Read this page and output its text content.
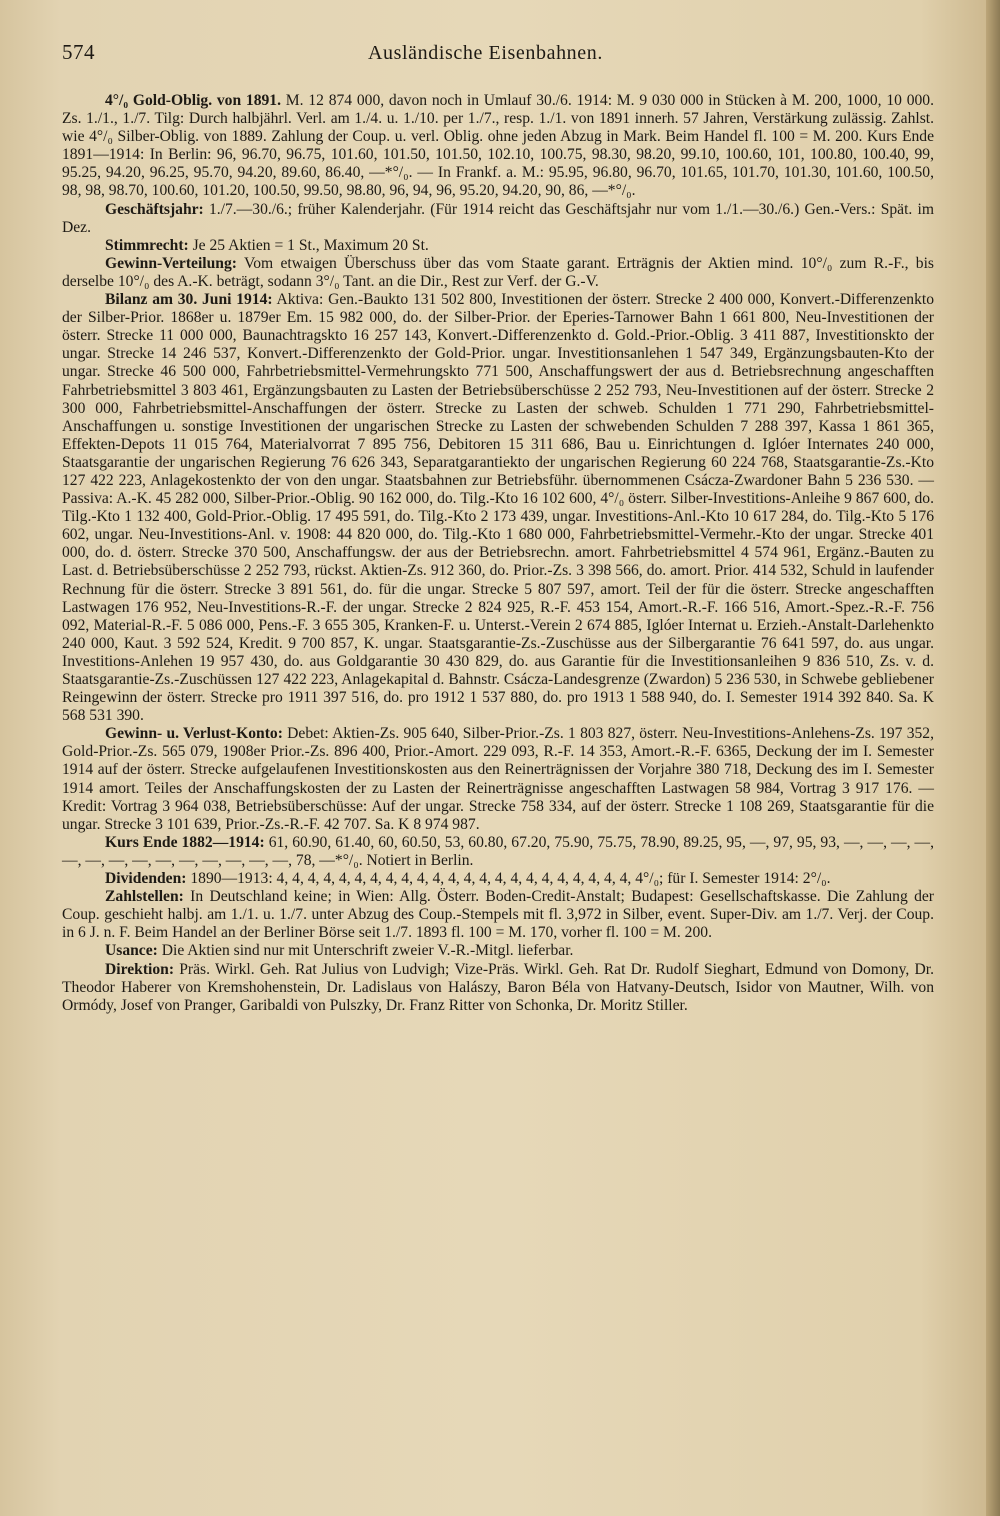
574	Ausländische Eisenbahnen.

4°/₀ Gold-Oblig. von 1891. M. 12 874 000, davon noch in Umlauf 30./6. 1914: M. 9 030 000 in Stücken à M. 200, 1000, 10 000. Zs. 1./1., 1./7. Tilg: Durch halbjährl. Verl. am 1./4. u. 1./10. per 1./7., resp. 1./1. von 1891 innerh. 57 Jahren, Verstärkung zulässig. Zahlst. wie 4°/₀ Silber-Oblig. von 1889. Zahlung der Coup. u. verl. Oblig. ohne jeden Abzug in Mark. Beim Handel fl. 100 = M. 200. Kurs Ende 1891—1914: In Berlin: 96, 96.70, 96.75, 101.60, 101.50, 101.50, 102.10, 100.75, 98.30, 98.20, 99.10, 100.60, 101, 100.80, 100.40, 99, 95.25, 94.20, 96.25, 95.70, 94.20, 89.60, 86.40, —*°/₀. — In Frankf. a. M.: 95.95, 96.80, 96.70, 101.65, 101.70, 101.30, 101.60, 100.50, 98, 98, 98.70, 100.60, 101.20, 100.50, 99.50, 98.80, 96, 94, 96, 95.20, 94.20, 90, 86, —*°/₀.

Geschäftsjahr: 1./7.—30./6.; früher Kalenderjahr. (Für 1914 reicht das Geschäftsjahr nur vom 1./1.—30./6.) Gen.-Vers.: Spät. im Dez.

Stimmrecht: Je 25 Aktien = 1 St., Maximum 20 St.

Gewinn-Verteilung: Vom etwaigen Überschuss über das vom Staate garant. Erträgnis der Aktien mind. 10°/₀ zum R.-F., bis derselbe 10°/₀ des A.-K. beträgt, sodann 3°/₀ Tant. an die Dir., Rest zur Verf. der G.-V.

Bilanz am 30. Juni 1914: Aktiva: Gen.-Bauktо 131 502 800, Investitionen der österr. Strecke 2 400 000, Konvert.-Differenzenkto der Silber-Prior. 1868er u. 1879er Em. 15 982 000, do. der Silber-Prior. der Eperies-Tarnower Bahn 1 661 800, Neu-Investitionen der österr. Strecke 11 000 000, Baunachtragskto 16 257 143, Konvert.-Differenzenkto d. Gold.-Prior.-Oblig. 3 411 887, Investitionskto der ungar. Strecke 14 246 537, Konvert.-Differenzenkto der Gold-Prior. ungar. Investitionsanlehen 1 547 349, Ergänzungsbauten-Kto der ungar. Strecke 46 500 000, Fahrbetriebsmittel-Vermehrungskto 771 500, Anschaffungswert der aus d. Betriebsrechnung angeschafften Fahrbetriebsmittel 3 803 461, Ergänzungsbauten zu Lasten der Betriebsüberschüsse 2 252 793, Neu-Investitionen auf der österr. Strecke 2 300 000, Fahrbetriebsmittel-Anschaffungen der österr. Strecke zu Lasten der schweb. Schulden 1 771 290, Fahrbetriebsmittel-Anschaffungen u. sonstige Investitionen der ungarischen Strecke zu Lasten der schwebenden Schulden 7 288 397, Kassa 1 861 365, Effekten-Depots 11 015 764, Materialvorrat 7 895 756, Debitoren 15 311 686, Bau u. Einrichtungen d. Iglóer Internates 240 000, Staatsgarantie der ungarischen Regierung 76 626 343, Separatgarantiekto der ungarischen Regierung 60 224 768, Staatsgarantie-Zs.-Kto 127 422 223, Anlagekostenkto der von den ungar. Staatsbahnen zur Betriebsführ. übernommenen Csácza-Zwardoner Bahn 5 236 530. — Passiva: A.-K. 45 282 000, Silber-Prior.-Oblig. 90 162 000, do. Tilg.-Kto 16 102 600, 4°/₀ österr. Silber-Investitions-Anleihe 9 867 600, do. Tilg.-Kto 1 132 400, Gold-Prior.-Oblig. 17 495 591, do. Tilg.-Kto 2 173 439, ungar. Investitions-Anl.-Kto 10 617 284, do. Tilg.-Kto 5 176 602, ungar. Neu-Investitions-Anl. v. 1908: 44 820 000, do. Tilg.-Kto 1 680 000, Fahrbetriebsmittel-Vermehr.-Kto der ungar. Strecke 401 000, do. d. österr. Strecke 370 500, Anschaffungsw. der aus der Betriebsrechn. amort. Fahrbetriebsmittel 4 574 961, Ergänz.-Bauten zu Last. d. Betriebsüberschüsse 2 252 793, rückst. Aktien-Zs. 912 360, do. Prior.-Zs. 3 398 566, do. amort. Prior. 414 532, Schuld in laufender Rechnung für die österr. Strecke 3 891 561, do. für die ungar. Strecke 5 807 597, amort. Teil der für die österr. Strecke angeschafften Lastwagen 176 952, Neu-Investitions-R.-F. der ungar. Strecke 2 824 925, R.-F. 453 154, Amort.-R.-F. 166 516, Amort.-Spez.-R.-F. 756 092, Material-R.-F. 5 086 000, Pens.-F. 3 655 305, Kranken-F. u. Unterst.-Verein 2 674 885, Iglóer Internat u. Erzieh.-Anstalt-Darlehenkto 240 000, Kaut. 3 592 524, Kredit. 9 700 857, K. ungar. Staatsgarantie-Zs.-Zuschüsse aus der Silbergarantie 76 641 597, do. aus ungar. Investitions-Anlehen 19 957 430, do. aus Goldgarantie 30 430 829, do. aus Garantie für die Investitionsanleihen 9 836 510, Zs. v. d. Staatsgarantie-Zs.-Zuschüssen 127 422 223, Anlagekapital d. Bahnstr. Csácza-Landesgrenze (Zwardon) 5 236 530, in Schwebe gebliebener Reingewinn der österr. Strecke pro 1911 397 516, do. pro 1912 1 537 880, do. pro 1913 1 588 940, do. I. Semester 1914 392 840. Sa. K 568 531 390.

Gewinn- u. Verlust-Konto: Debet: Aktien-Zs. 905 640, Silber-Prior.-Zs. 1 803 827, österr. Neu-Investitions-Anlehens-Zs. 197 352, Gold-Prior.-Zs. 565 079, 1908er Prior.-Zs. 896 400, Prior.-Amort. 229 093, R.-F. 14 353, Amort.-R.-F. 6365, Deckung der im I. Semester 1914 auf der österr. Strecke aufgelaufenen Investitionskosten aus den Reinerträgnissen der Vorjahre 380 718, Deckung des im I. Semester 1914 amort. Teiles der Anschaffungskosten der zu Lasten der Reinerträgnisse angeschafften Lastwagen 58 984, Vortrag 3 917 176. — Kredit: Vortrag 3 964 038, Betriebsüberschüsse: Auf der ungar. Strecke 758 334, auf der österr. Strecke 1 108 269, Staatsgarantie für die ungar. Strecke 3 101 639, Prior.-Zs.-R.-F. 42 707. Sa. K 8 974 987.

Kurs Ende 1882—1914: 61, 60.90, 61.40, 60, 60.50, 53, 60.80, 67.20, 75.90, 75.75, 78.90, 89.25, 95, —, 97, 95, 93, —, —, —, —, —, —, —, —, —, —, —, —, —, —, 78, —*°/₀. Notiert in Berlin.

Dividenden: 1890—1913: 4, 4, 4, 4, 4, 4, 4, 4, 4, 4, 4, 4, 4, 4, 4, 4, 4, 4, 4, 4, 4, 4, 4, 4°/₀; für I. Semester 1914: 2°/₀.

Zahlstellen: In Deutschland keine; in Wien: Allg. Österr. Boden-Credit-Anstalt; Budapest: Gesellschaftskasse. Die Zahlung der Coup. geschieht halbj. am 1./1. u. 1./7. unter Abzug des Coup.-Stempels mit fl. 3,972 in Silber, event. Super-Div. am 1./7. Verj. der Coup. in 6 J. n. F. Beim Handel an der Berliner Börse seit 1./7. 1893 fl. 100 = M. 170, vorher fl. 100 = M. 200.

Usance: Die Aktien sind nur mit Unterschrift zweier V.-R.-Mitgl. lieferbar.

Direktion: Präs. Wirkl. Geh. Rat Julius von Ludvigh; Vize-Präs. Wirkl. Geh. Rat Dr. Rudolf Sieghart, Edmund von Domony, Dr. Theodor Haberer von Kremshohenstein, Dr. Ladislaus von Halászy, Baron Béla von Hatvany-Deutsch, Isidor von Mautner, Wilh. von Ormódy, Josef von Pranger, Garibaldi von Pulszky, Dr. Franz Ritter von Schonka, Dr. Moritz Stiller.
